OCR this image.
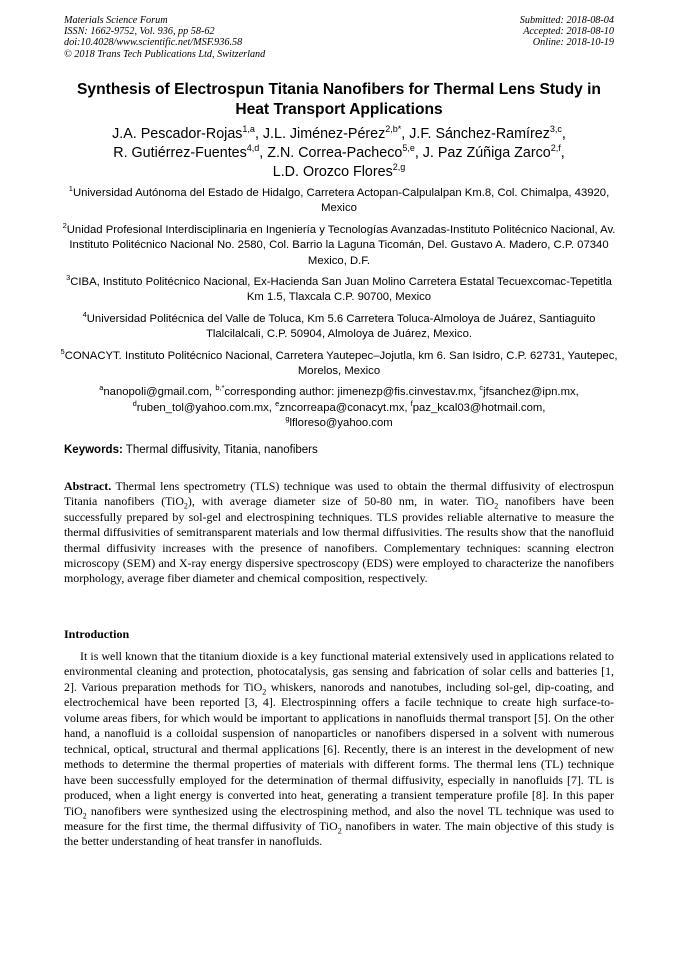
Materials Science Forum
ISSN: 1662-9752, Vol. 936, pp 58-62
doi:10.4028/www.scientific.net/MSF.936.58
© 2018 Trans Tech Publications Ltd, Switzerland
Submitted: 2018-08-04
Accepted: 2018-08-10
Online: 2018-10-19
Synthesis of Electrospun Titania Nanofibers for Thermal Lens Study in
Heat Transport Applications
J.A. Pescador-Rojas$^{1,a}$, J.L. Jiménez-Pérez$^{2,b*}$, J.F. Sánchez-Ramírez$^{3,c}$,
R. Gutiérrez-Fuentes$^{4,d}$, Z.N. Correa-Pacheco$^{5,e}$, J. Paz Zúñiga Zarco$^{2,f}$,
L.D. Orozco Flores$^{2,g}$
$^1$Universidad Autónoma del Estado de Hidalgo, Carretera Actopan-Calpulalpan Km.8, Col. Chimalpa, 43920, Mexico
$^2$Unidad Profesional Interdisciplinaria en Ingeniería y Tecnologías Avanzadas-Instituto Politécnico Nacional, Av. Instituto Politécnico Nacional No. 2580, Col. Barrio la Laguna Ticomán, Del. Gustavo A. Madero, C.P. 07340 Mexico, D.F.
$^3$CIBA, Instituto Politécnico Nacional, Ex-Hacienda San Juan Molino Carretera Estatal Tecuexcomac-Tepetitla Km 1.5, Tlaxcala C.P. 90700, Mexico
$^4$Universidad Politécnica del Valle de Toluca, Km 5.6 Carretera Toluca-Almoloya de Juárez, Santiaguito Tlalcilalcali, C.P. 50904, Almoloya de Juárez, Mexico.
$^5$CONACYT. Instituto Politécnico Nacional, Carretera Yautepec–Jojutla, km 6. San Isidro, C.P. 62731, Yautepec, Morelos, Mexico
$^a$nanopoli@gmail.com, $^{b,*}$corresponding author: jimenezp@fis.cinvestav.mx, $^c$jfsanchez@ipn.mx,
$^d$ruben_tol@yahoo.com.mx, $^e$zncorreapa@conacyt.mx, $^f$paz_kcal03@hotmail.com,
$^g$lfloreso@yahoo.com
Keywords: Thermal diffusivity, Titania, nanofibers
Abstract. Thermal lens spectrometry (TLS) technique was used to obtain the thermal diffusivity of electrospun Titania nanofibers (TiO$_2$), with average diameter size of 50-80 nm, in water. TiO$_2$ nanofibers have been successfully prepared by sol-gel and electrospining techniques. TLS provides reliable alternative to measure the thermal diffusivities of semitransparent materials and low thermal diffusivities. The results show that the nanofluid thermal diffusivity increases with the presence of nanofibers. Complementary techniques: scanning electron microscopy (SEM) and X-ray energy dispersive spectroscopy (EDS) were employed to characterize the nanofibers morphology, average fiber diameter and chemical composition, respectively.
Introduction

It is well known that the titanium dioxide is a key functional material extensively used in applications related to environmental cleaning and protection, photocatalysis, gas sensing and fabrication of solar cells and batteries [1, 2]. Various preparation methods for TiO$_2$ whiskers, nanorods and nanotubes, including sol-gel, dip-coating, and electrochemical have been reported [3, 4]. Electrospinning offers a facile technique to create high surface-to-volume areas fibers, for which would be important to applications in nanofluids thermal transport [5]. On the other hand, a nanofluid is a colloidal suspension of nanoparticles or nanofibers dispersed in a solvent with numerous technical, optical, structural and thermal applications [6]. Recently, there is an interest in the development of new methods to determine the thermal properties of materials with different forms. The thermal lens (TL) technique have been successfully employed for the determination of thermal diffusivity, especially in nanofluids [7]. TL is produced, when a light energy is converted into heat, generating a transient temperature profile [8]. In this paper TiO$_2$ nanofibers were synthesized using the electrospining method, and also the novel TL technique was used to measure for the first time, the thermal diffusivity of TiO$_2$ nanofibers in water. The main objective of this study is the better understanding of heat transfer in nanofluids.
